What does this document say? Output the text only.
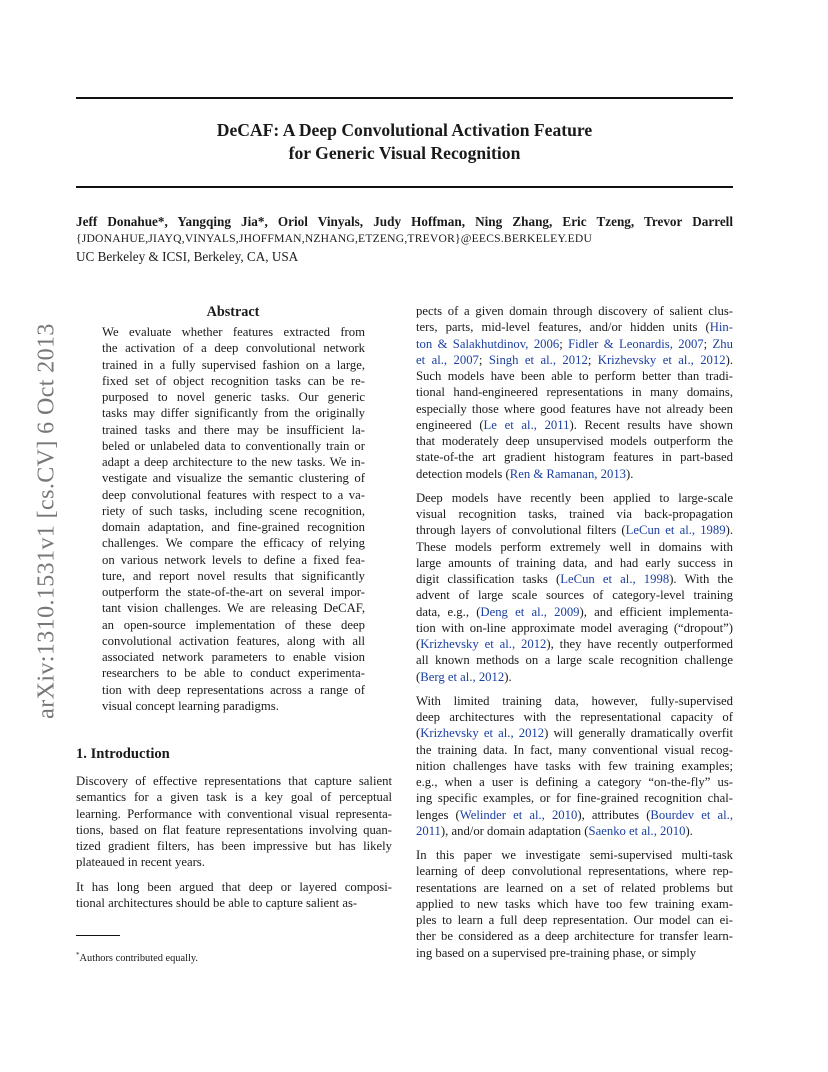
DeCAF: A Deep Convolutional Activation Feature
for Generic Visual Recognition
Jeff Donahue*, Yangqing Jia*, Oriol Vinyals, Judy Hoffman, Ning Zhang, Eric Tzeng, Trevor Darrell
{JDONAHUE,JIAYQ,VINYALS,JHOFFMAN,NZHANG,ETZENG,TREVOR}@EECS.BERKELEY.EDU
UC Berkeley & ICSI, Berkeley, CA, USA
arXiv:1310.1531v1 [cs.CV] 6 Oct 2013
Abstract
We evaluate whether features extracted from
the activation of a deep convolutional network
trained in a fully supervised fashion on a large,
fixed set of object recognition tasks can be re-
purposed to novel generic tasks. Our generic
tasks may differ significantly from the originally
trained tasks and there may be insufficient la-
beled or unlabeled data to conventionally train or
adapt a deep architecture to the new tasks. We in-
vestigate and visualize the semantic clustering of
deep convolutional features with respect to a va-
riety of such tasks, including scene recognition,
domain adaptation, and fine-grained recognition
challenges. We compare the efficacy of relying
on various network levels to define a fixed fea-
ture, and report novel results that significantly
outperform the state-of-the-art on several impor-
tant vision challenges. We are releasing DeCAF,
an open-source implementation of these deep
convolutional activation features, along with all
associated network parameters to enable vision
researchers to be able to conduct experimenta-
tion with deep representations across a range of
visual concept learning paradigms.
1. Introduction

Discovery of effective representations that capture salient
semantics for a given task is a key goal of perceptual
learning. Performance with conventional visual representa-
tions, based on flat feature representations involving quan-
tized gradient filters, has been impressive but has likely
plateaued in recent years.

It has long been argued that deep or layered composi-
tional architectures should be able to capture salient as-

*Authors contributed equally.

pects of a given domain through discovery of salient clus-
ters, parts, mid-level features, and/or hidden units (Hin-
ton & Salakhutdinov, 2006; Fidler & Leonardis, 2007; Zhu
et al., 2007; Singh et al., 2012; Krizhevsky et al., 2012).
Such models have been able to perform better than tradi-
tional hand-engineered representations in many domains,
especially those where good features have not already been
engineered (Le et al., 2011). Recent results have shown
that moderately deep unsupervised models outperform the
state-of-the art gradient histogram features in part-based
detection models (Ren & Ramanan, 2013).

Deep models have recently been applied to large-scale
visual recognition tasks, trained via back-propagation
through layers of convolutional filters (LeCun et al., 1989).
These models perform extremely well in domains with
large amounts of training data, and had early success in
digit classification tasks (LeCun et al., 1998). With the
advent of large scale sources of category-level training
data, e.g., (Deng et al., 2009), and efficient implementa-
tion with on-line approximate model averaging (“dropout”)
(Krizhevsky et al., 2012), they have recently outperformed
all known methods on a large scale recognition challenge
(Berg et al., 2012).

With limited training data, however, fully-supervised
deep architectures with the representational capacity of
(Krizhevsky et al., 2012) will generally dramatically overfit
the training data. In fact, many conventional visual recog-
nition challenges have tasks with few training examples;
e.g., when a user is defining a category “on-the-fly” us-
ing specific examples, or for fine-grained recognition chal-
lenges (Welinder et al., 2010), attributes (Bourdev et al.,
2011), and/or domain adaptation (Saenko et al., 2010).

In this paper we investigate semi-supervised multi-task
learning of deep convolutional representations, where rep-
resentations are learned on a set of related problems but
applied to new tasks which have too few training exam-
ples to learn a full deep representation. Our model can ei-
ther be considered as a deep architecture for transfer learn-
ing based on a supervised pre-training phase, or simply
